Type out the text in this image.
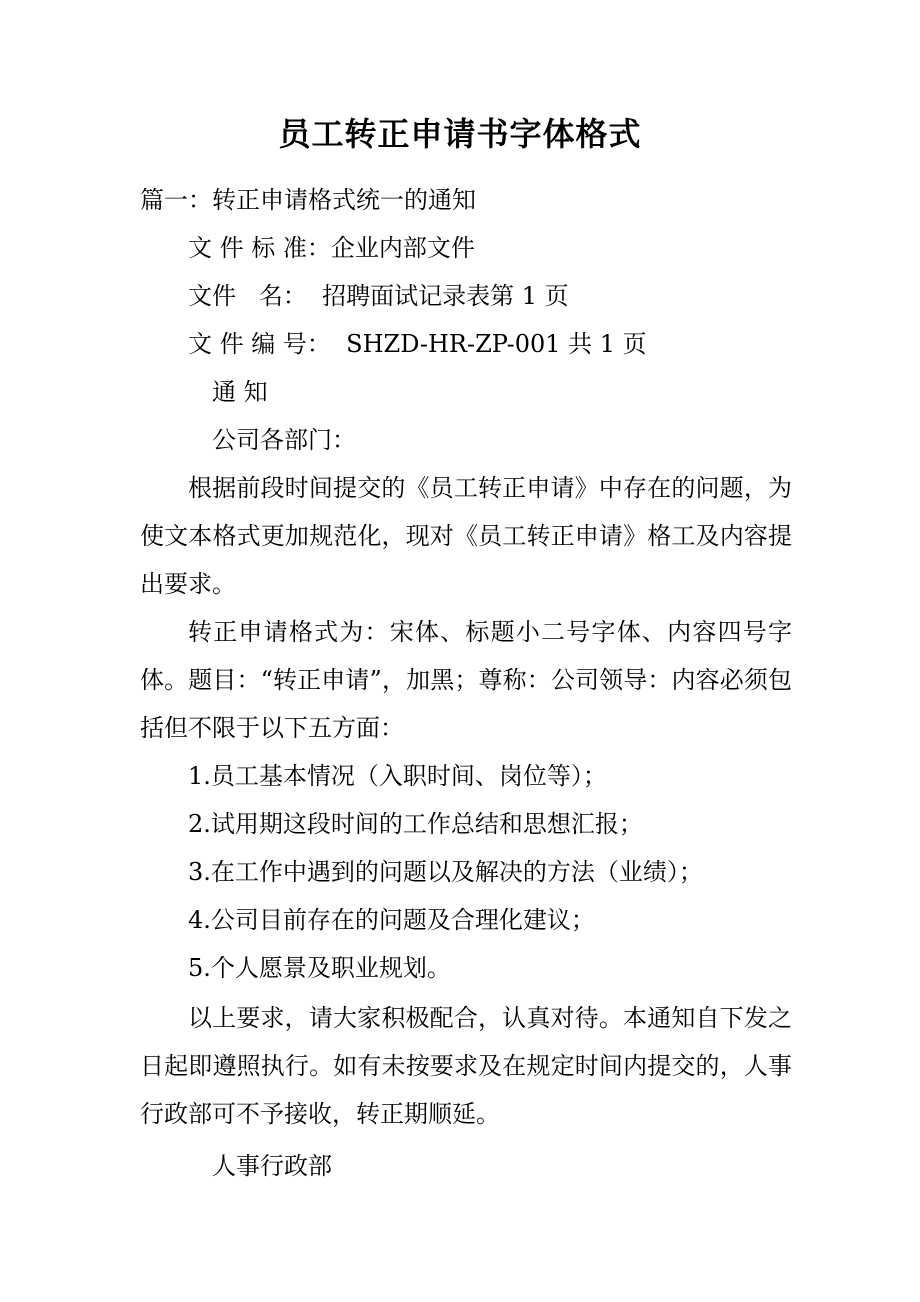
员工转正申请书字体格式
篇一：转正申请格式统一的通知
文 件 标 准：企业内部文件
文件   名：  招聘面试记录表第 1 页
文 件 编 号：  SHZD-HR-ZP-001 共 1 页
通 知
公司各部门：
根据前段时间提交的《员工转正申请》中存在的问题，为使文本格式更加规范化，现对《员工转正申请》格工及内容提出要求。
转正申请格式为：宋体、标题小二号字体、内容四号字体。题目：“转正申请”，加黑；尊称：公司领导：内容必须包括但不限于以下五方面：
1.员工基本情况（入职时间、岗位等）；
2.试用期这段时间的工作总结和思想汇报；
3.在工作中遇到的问题以及解决的方法（业绩）；
4.公司目前存在的问题及合理化建议；
5.个人愿景及职业规划。
以上要求，请大家积极配合，认真对待。本通知自下发之日起即遵照执行。如有未按要求及在规定时间内提交的，人事行政部可不予接收，转正期顺延。
人事行政部
